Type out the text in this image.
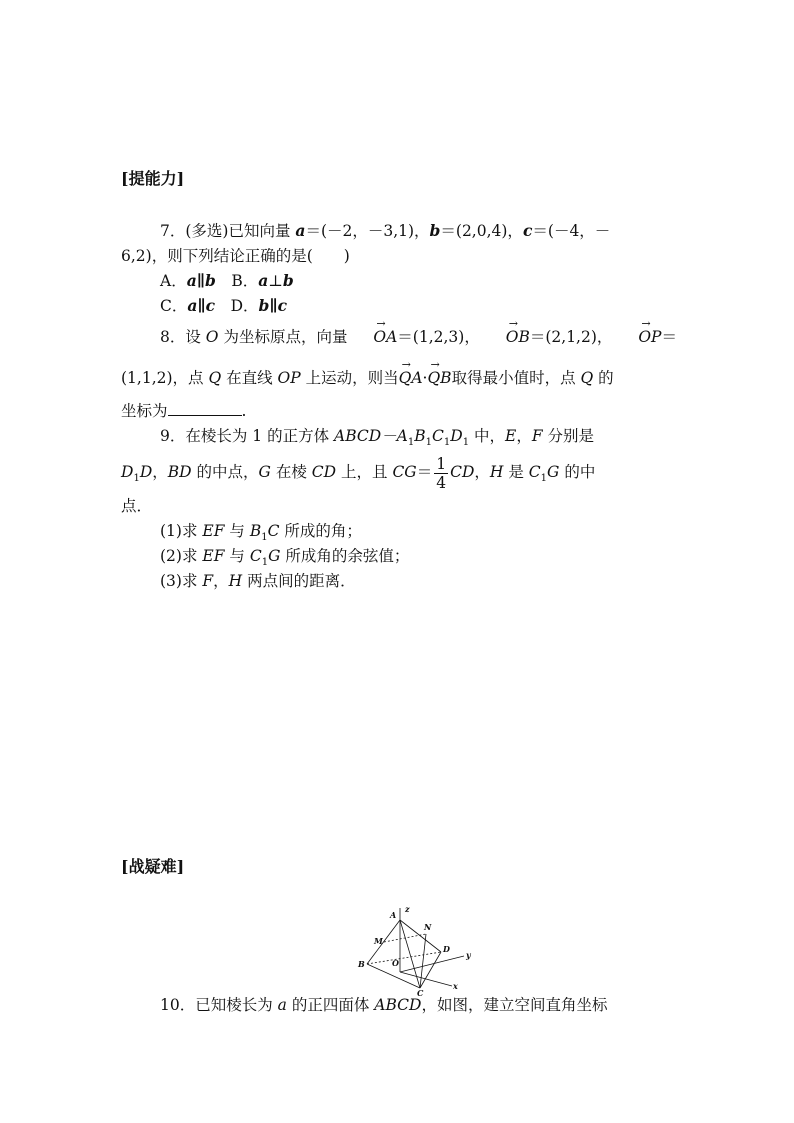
[提能力]
7．(多选)已知向量 a＝(－2，－3,1)，b＝(2,0,4)，c＝(－4，－
6,2)，则下列结论正确的是(　　)
A．a∥b　B．a⊥b
C．a∥c　D．b∥c
8．设 O 为坐标原点，向量 → OA＝(1,2,3)， → OB＝(2,1,2)， → OP＝
(1,1,2)，点 Q 在直线 OP 上运动，则当→ QA·→ QB取得最小值时，点 Q 的
坐标为	.
9．在棱长为 1 的正方体 $ABCD-A_1B_1C_1D_1$ 中，E，F 分别是
$D_1D$，BD 的中点，G 在棱 CD 上，且 $CG= \frac{1}{4}$ CD，H 是 $C_1G$ 的中
点．
(1)求 EF 与 $B_1C$ 所成的角；
(2)求 EF 与 $C_1G$ 所成角的余弦值；
(3)求 F，H 两点间的距离．
[战疑难]
A
z
N
M
D
y
B	O
x
C
10．已知棱长为 a 的正四面体 ABCD，如图，建立空间直角坐标
